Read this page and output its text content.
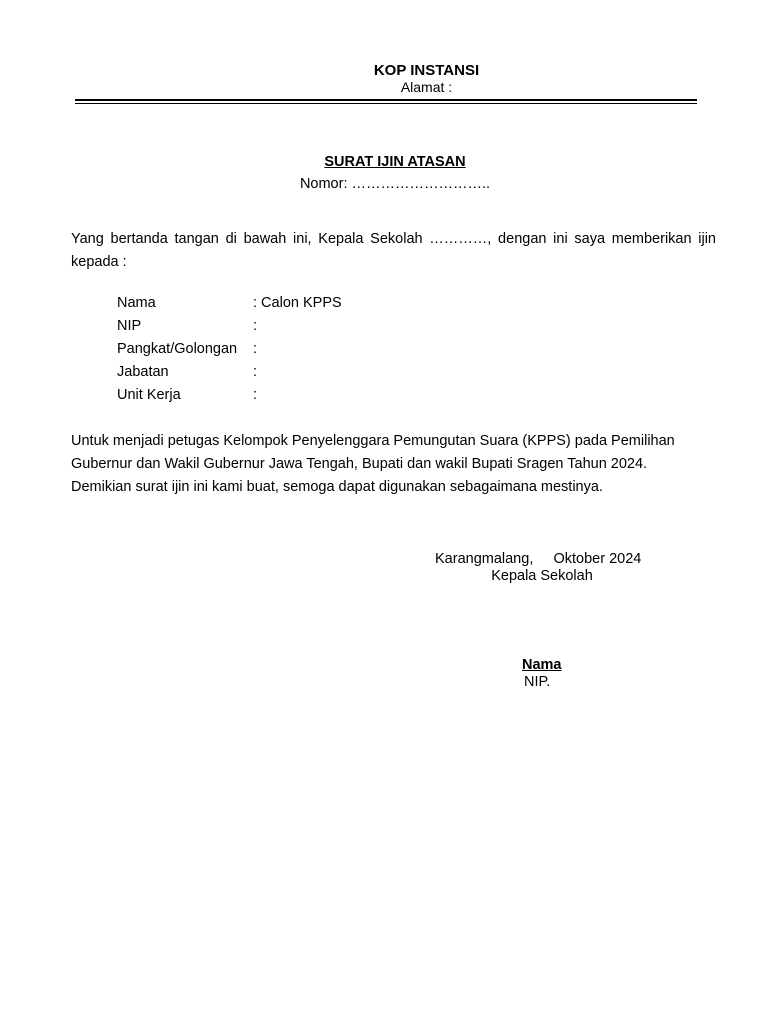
KOP INSTANSI
Alamat :
SURAT IJIN ATASAN
Nomor: ………………………..
Yang bertanda tangan di bawah ini, Kepala Sekolah …………, dengan ini saya memberikan ijin kepada :
Nama	: Calon KPPS
NIP	:
Pangkat/Golongan	:
Jabatan	:
Unit Kerja	:

Untuk menjadi petugas Kelompok Penyelenggara Pemungutan Suara (KPPS) pada Pemilihan Gubernur dan Wakil Gubernur Jawa Tengah, Bupati dan wakil Bupati Sragen Tahun 2024.

Demikian surat ijin ini kami buat, semoga dapat digunakan sebagaimana mestinya.

Karangmalang,     Oktober 2024
Kepala Sekolah
Nama
NIP.
